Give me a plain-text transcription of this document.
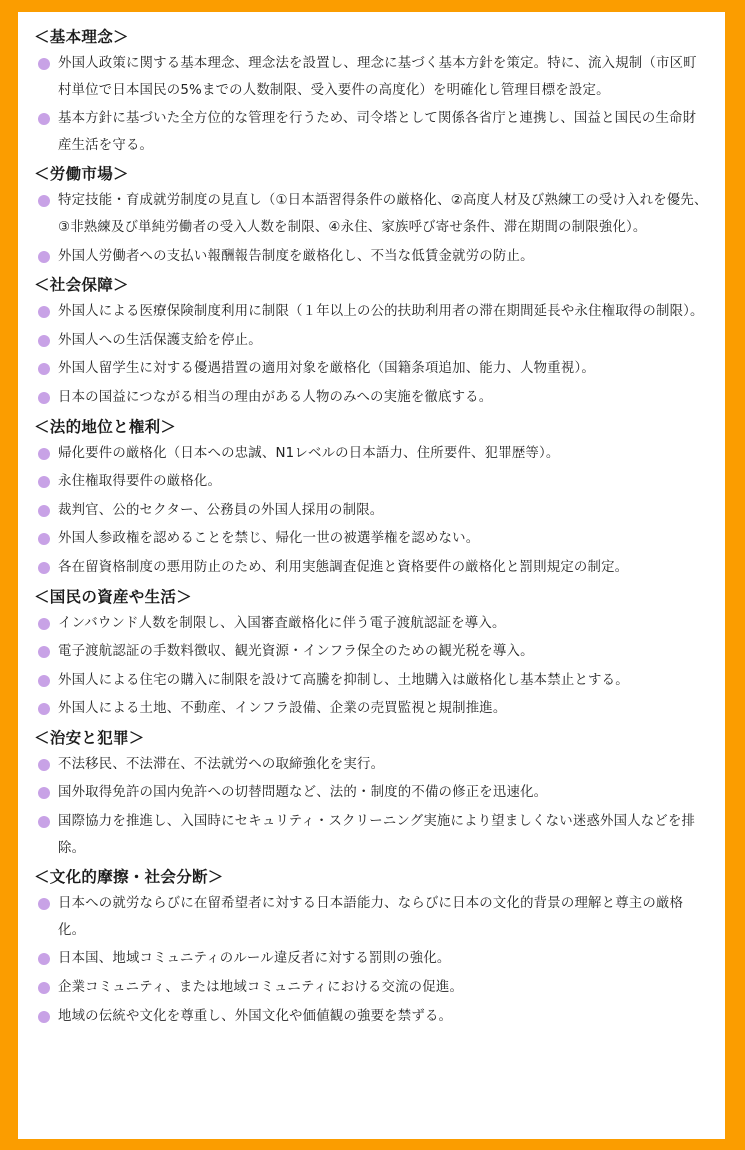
＜基本理念＞
外国人政策に関する基本理念、理念法を設置し、理念に基づく基本方針を策定。特に、流入規制（市区町村単位で日本国民の5%までの人数制限、受入要件の高度化）を明確化し管理目標を設定。
基本方針に基づいた全方位的な管理を行うため、司令塔として関係各省庁と連携し、国益と国民の生命財産生活を守る。
＜労働市場＞
特定技能・育成就労制度の見直し（①日本語習得条件の厳格化、②高度人材及び熟練工の受け入れを優先、③非熟練及び単純労働者の受入人数を制限、④永住、家族呼び寄せ条件、滞在期間の制限強化）。
外国人労働者への支払い報酬報告制度を厳格化し、不当な低賃金就労の防止。
＜社会保障＞
外国人による医療保険制度利用に制限（１年以上の公的扶助利用者の滞在期間延長や永住権取得の制限）。
外国人への生活保護支給を停止。
外国人留学生に対する優遇措置の適用対象を厳格化（国籍条項追加、能力、人物重視）。
日本の国益につながる相当の理由がある人物のみへの実施を徹底する。
＜法的地位と権利＞
帰化要件の厳格化（日本への忠誠、N1レベルの日本語力、住所要件、犯罪歴等）。
永住権取得要件の厳格化。
裁判官、公的セクター、公務員の外国人採用の制限。
外国人参政権を認めることを禁じ、帰化一世の被選挙権を認めない。
各在留資格制度の悪用防止のため、利用実態調査促進と資格要件の厳格化と罰則規定の制定。
＜国民の資産や生活＞
インバウンド人数を制限し、入国審査厳格化に伴う電子渡航認証を導入。
電子渡航認証の手数料徴収、観光資源・インフラ保全のための観光税を導入。
外国人による住宅の購入に制限を設けて高騰を抑制し、土地購入は厳格化し基本禁止とする。
外国人による土地、不動産、インフラ設備、企業の売買監視と規制推進。
＜治安と犯罪＞
不法移民、不法滞在、不法就労への取締強化を実行。
国外取得免許の国内免許への切替問題など、法的・制度的不備の修正を迅速化。
国際協力を推進し、入国時にセキュリティ・スクリーニング実施により望ましくない迷惑外国人などを排除。
＜文化的摩擦・社会分断＞
日本への就労ならびに在留希望者に対する日本語能力、ならびに日本の文化的背景の理解と尊主の厳格化。
日本国、地域コミュニティのルール違反者に対する罰則の強化。
企業コミュニティ、または地域コミュニティにおける交流の促進。
地域の伝統や文化を尊重し、外国文化や価値観の強要を禁ずる。
